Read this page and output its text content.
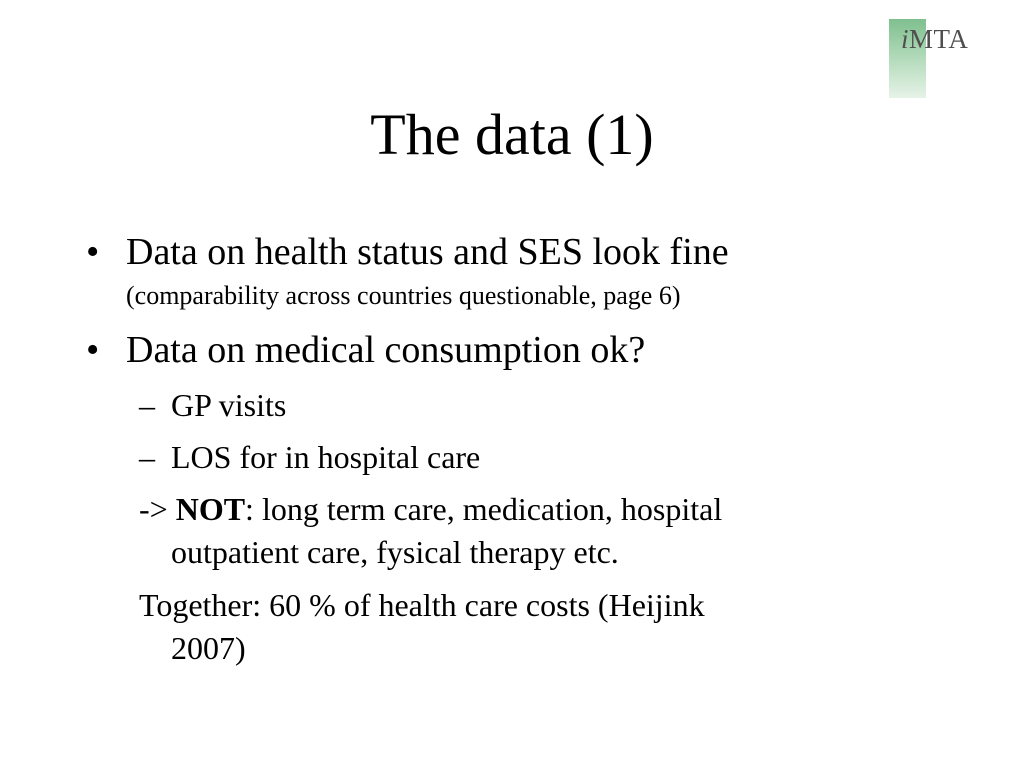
iMTA
The data (1)
• Data on health status and SES look fine
(comparability across countries questionable, page 6)
• Data on medical consumption ok?
– GP visits
– LOS for in hospital care
-> NOT: long term care, medication, hospital
outpatient care, fysical therapy etc.
Together: 60 % of health care costs (Heijink
2007)
